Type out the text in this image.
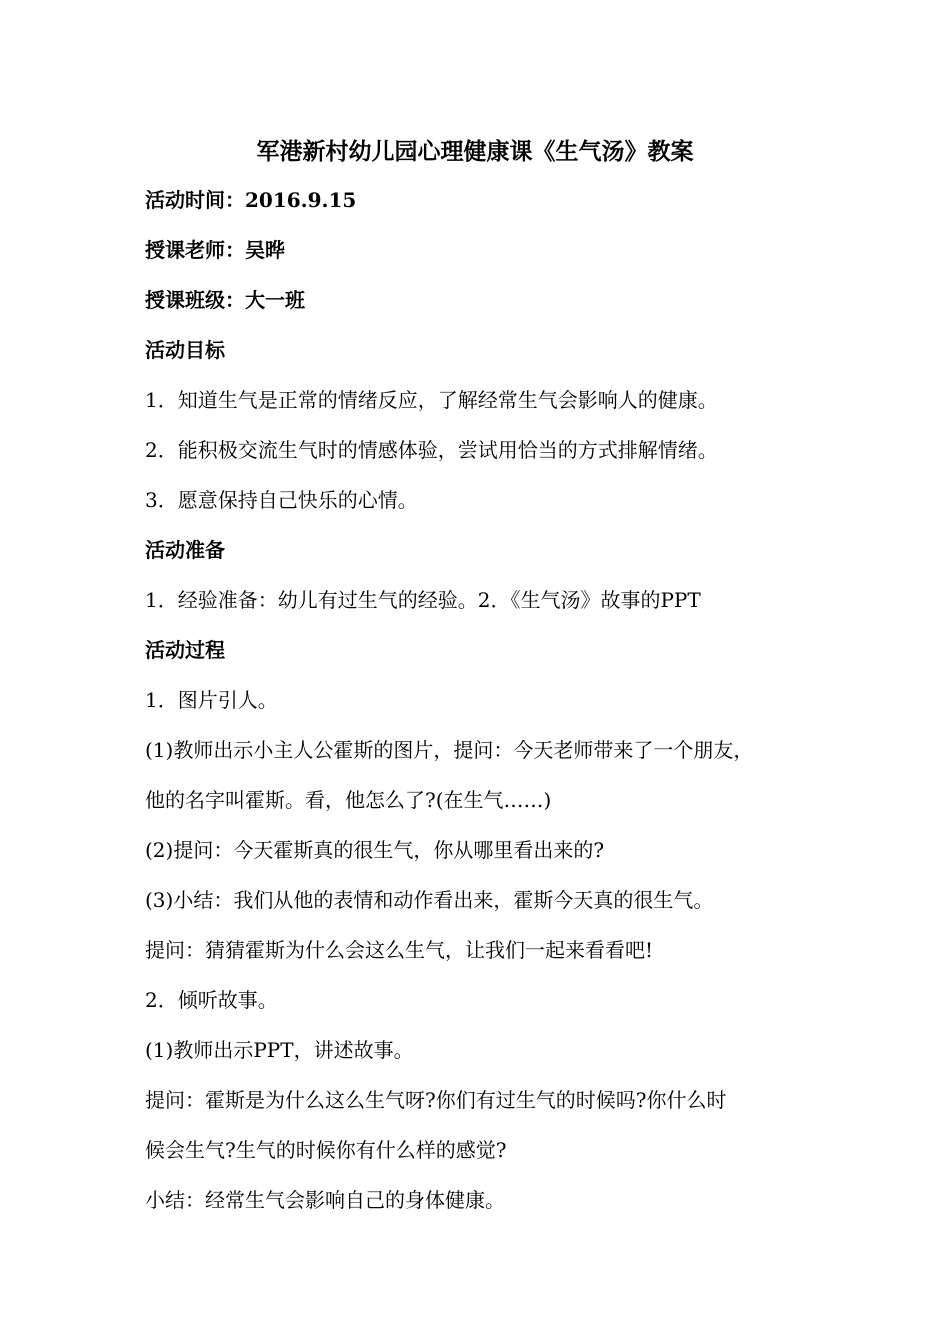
军港新村幼儿园心理健康课《生气汤》教案
活动时间：2016.9.15
授课老师：吴晔
授课班级：大一班
活动目标
1．知道生气是正常的情绪反应，了解经常生气会影响人的健康。
2．能积极交流生气时的情感体验，尝试用恰当的方式排解情绪。
3．愿意保持自己快乐的心情。
活动准备
1．经验准备：幼儿有过生气的经验。2．《生气汤》故事的PPT
活动过程
1．图片引人。
(1)教师出示小主人公霍斯的图片，提问：今天老师带来了一个朋友，
他的名字叫霍斯。看，他怎么了?(在生气……)
(2)提问：今天霍斯真的很生气，你从哪里看出来的?
(3)小结：我们从他的表情和动作看出来，霍斯今天真的很生气。
提问：猜猜霍斯为什么会这么生气，让我们一起来看看吧!
2．倾听故事。
(1)教师出示PPT，讲述故事。
提问：霍斯是为什么这么生气呀?你们有过生气的时候吗?你什么时
候会生气?生气的时候你有什么样的感觉?
小结：经常生气会影响自己的身体健康。
